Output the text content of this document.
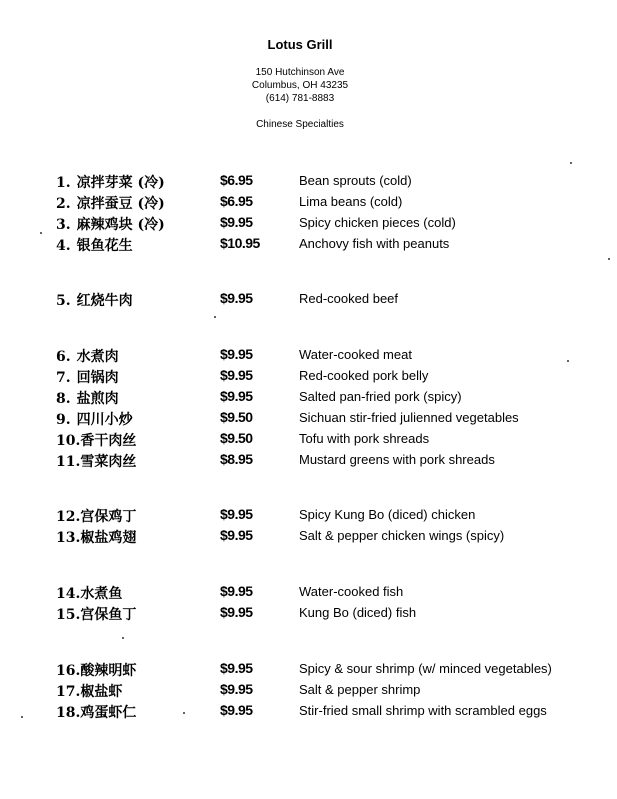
Lotus Grill
150 Hutchinson Ave
Columbus, OH 43235
(614) 781-8883
Chinese Specialties
1. 凉拌芽菜 (冷)	$6.95	Bean sprouts (cold)
2. 凉拌蚕豆 (冷)	$6.95	Lima beans (cold)
3. 麻辣鸡块 (冷)	$9.95	Spicy chicken pieces (cold)
4. 银鱼花生	$10.95	Anchovy fish with peanuts
5. 红烧牛肉	$9.95	Red-cooked beef
6. 水煮肉	$9.95	Water-cooked meat
7. 回锅肉	$9.95	Red-cooked pork belly
8. 盐煎肉	$9.95	Salted pan-fried pork (spicy)
9. 四川小炒	$9.50	Sichuan stir-fried julienned vegetables
10.香干肉丝	$9.50	Tofu with pork shreads
11.雪菜肉丝	$8.95	Mustard greens with pork shreads
12.宫保鸡丁	$9.95	Spicy Kung Bo (diced) chicken
13.椒盐鸡翅	$9.95	Salt & pepper chicken wings (spicy)
14.水煮鱼	$9.95	Water-cooked fish
15.宫保鱼丁	$9.95	Kung Bo (diced) fish
16.酸辣明虾	$9.95	Spicy & sour shrimp (w/ minced vegetables)
17.椒盐虾	$9.95	Salt & pepper shrimp
18.鸡蛋虾仁	$9.95	Stir-fried small shrimp with scrambled eggs
